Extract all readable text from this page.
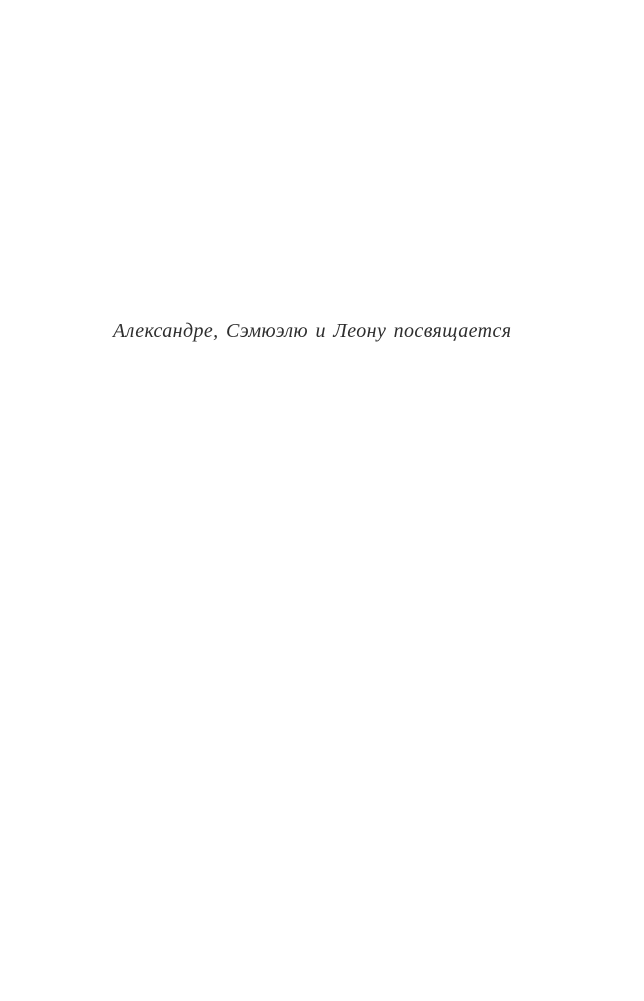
Александре, Сэмюэлю и Леону посвящается
